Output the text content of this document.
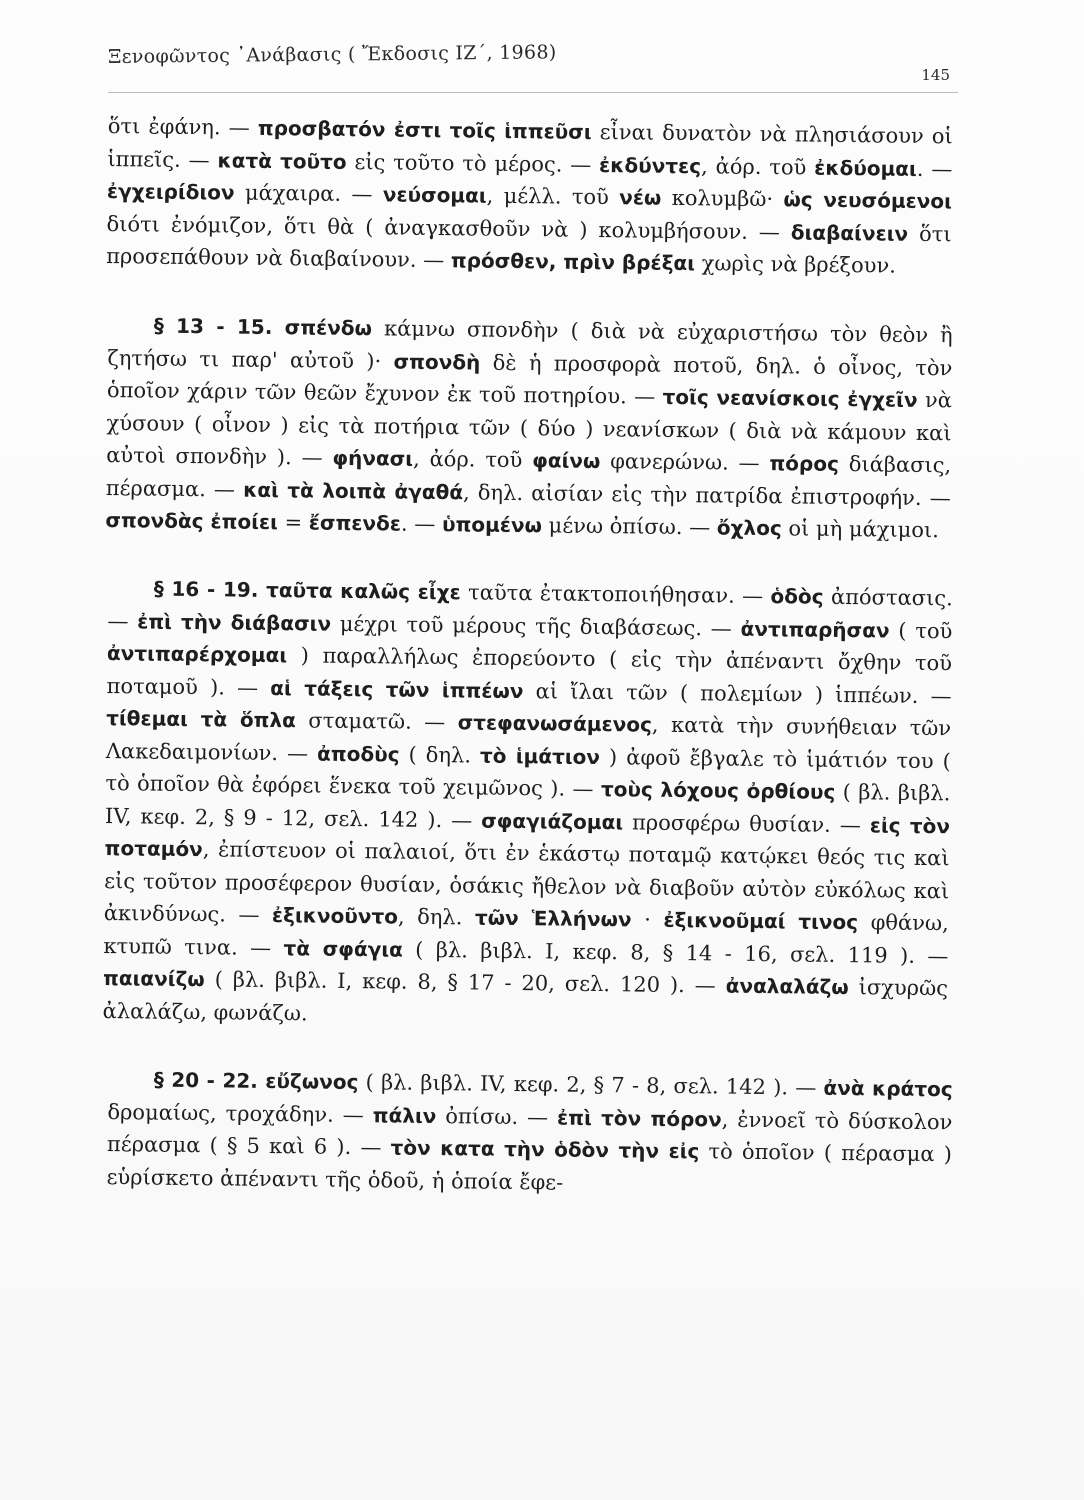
Ξενοφῶντος ᾿Ανάβασις ( Ἔκδοσις ΙΖ΄, 1968)
145

ὅτι ἐφάνη. — προσβατόν ἐστι τοῖς ἱππεῦσι εἶναι δυνατὸν νὰ πλησιάσουν οἱ ἱππεῖς. — κατὰ τοῦτο εἰς τοῦτο τὸ μέρος. — ἐκδύντες, ἀόρ. τοῦ ἐκδύομαι. — ἐγχειρίδιον μάχαιρα. — νεύσομαι, μέλλ. τοῦ νέω κολυμβῶ· ὡς νευσόμενοι διότι ἐνόμιζον, ὅτι θὰ ( ἀναγκασθοῦν νὰ ) κολυμβήσουν. — διαβαίνειν ὅτι προσεπάθουν νὰ διαβαίνουν. — πρόσθεν, πρὶν βρέξαι χωρὶς νὰ βρέξουν.

§ 13 - 15. σπένδω κάμνω σπονδὴν ( διὰ νὰ εὐχαριστήσω τὸν θεὸν ἢ ζητήσω τι παρ' αὐτοῦ )· σπονδὴ δὲ ἡ προσφορὰ ποτοῦ, δηλ. ὁ οἶνος, τὸν ὁποῖον χάριν τῶν θεῶν ἔχυνον ἐκ τοῦ ποτηρίου. — τοῖς νεανίσκοις ἐγχεῖν νὰ χύσουν ( οἶνον ) εἰς τὰ ποτήρια τῶν ( δύο ) νεανίσκων ( διὰ νὰ κάμουν καὶ αὐτοὶ σπονδὴν ). — φήνασι, ἀόρ. τοῦ φαίνω φανερώνω. — πόρος διάβασις, πέρασμα. — καὶ τὰ λοιπὰ ἀγαθά, δηλ. αἰσίαν εἰς τὴν πατρίδα ἐπιστροφήν. — σπονδὰς ἐποίει = ἔσπενδε. — ὑπομένω μένω ὀπίσω. — ὄχλος οἱ μὴ μάχιμοι.

§ 16 - 19. ταῦτα καλῶς εἶχε ταῦτα ἐτακτοποιήθησαν. — ὁδὸς ἀπόστασις. — ἐπὶ τὴν διάβασιν μέχρι τοῦ μέρους τῆς διαβάσεως. — ἀντιπαρῆσαν ( τοῦ ἀντιπαρέρχομαι ) παραλλήλως ἐπορεύοντο ( εἰς τὴν ἀπέναντι ὄχθην τοῦ ποταμοῦ ). — αἱ τάξεις τῶν ἱππέων αἱ ἴλαι τῶν ( πολεμίων ) ἱππέων. — τίθεμαι τὰ ὅπλα σταματῶ. — στεφανωσάμενος, κατὰ τὴν συνήθειαν τῶν Λακεδαιμονίων. — ἀποδὺς ( δηλ. τὸ ἱμάτιον ) ἀφοῦ ἔβγαλε τὸ ἱμάτιόν του ( τὸ ὁποῖον θὰ ἐφόρει ἕνεκα τοῦ χειμῶνος ). — τοὺς λόχους ὀρθίους ( βλ. βιβλ. IV, κεφ. 2, § 9 - 12, σελ. 142 ). — σφαγιάζομαι προσφέρω θυσίαν. — εἰς τὸν ποταμόν, ἐπίστευον οἱ παλαιοί, ὅτι ἐν ἑκάστῳ ποταμῷ κατῴκει θεός τις καὶ εἰς τοῦτον προσέφερον θυσίαν, ὁσάκις ἤθελον νὰ διαβοῦν αὐτὸν εὐκόλως καὶ ἀκινδύνως. — ἐξικνοῦντο, δηλ. τῶν Ἑλλήνων · ἐξικνοῦμαί τινος φθάνω, κτυπῶ τινα. — τὰ σφάγια ( βλ. βιβλ. I, κεφ. 8, § 14 - 16, σελ. 119 ). — παιανίζω ( βλ. βιβλ. I, κεφ. 8, § 17 - 20, σελ. 120 ). — ἀναλαλάζω ἰσχυρῶς ἀλαλάζω, φωνάζω.

§ 20 - 22. εὔζωνος ( βλ. βιβλ. IV, κεφ. 2, § 7 - 8, σελ. 142 ). — ἀνὰ κράτος δρομαίως, τροχάδην. — πάλιν ὀπίσω. — ἐπὶ τὸν πόρον, ἐννοεῖ τὸ δύσκολον πέρασμα ( § 5 καὶ 6 ). — τὸν κατα τὴν ὁδὸν τὴν εἰς τὸ ὁποῖον ( πέρασμα ) εὑρίσκετο ἀπέναντι τῆς ὁδοῦ, ἡ ὁποία ἔφε-
